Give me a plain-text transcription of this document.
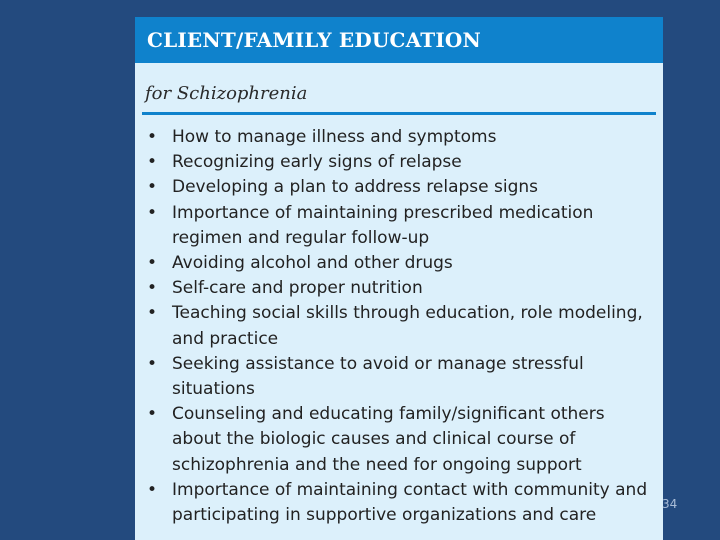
CLIENT/FAMILY EDUCATION
for Schizophrenia
• How to manage illness and symptoms
• Recognizing early signs of relapse
• Developing a plan to address relapse signs
• Importance of maintaining prescribed medication regimen and regular follow-up
• Avoiding alcohol and other drugs
• Self-care and proper nutrition
• Teaching social skills through education, role modeling, and practice
• Seeking assistance to avoid or manage stressful situations
• Counseling and educating family/significant others about the biologic causes and clinical course of schizophrenia and the need for ongoing support
• Importance of maintaining contact with community and participating in supportive organizations and care
34
